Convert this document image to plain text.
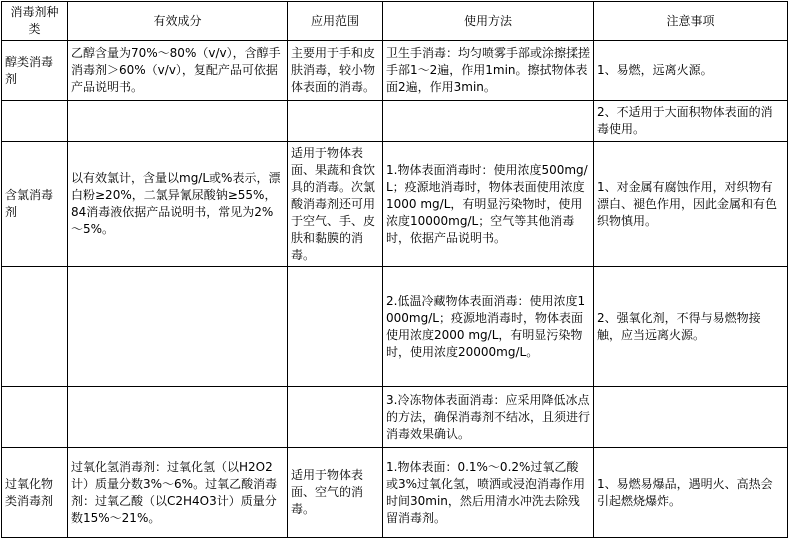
消毒剂种类	有效成分	应用范围	使用方法	注意事项
醇类消毒剂	乙醇含量为70%～80%（v/v），含醇手消毒剂＞60%（v/v），复配产品可依据产品说明书。	主要用于手和皮肤消毒，较小物体表面的消毒。	卫生手消毒：均匀喷雾手部或涂擦揉搓手部1～2遍，作用1min。擦拭物体表面2遍，作用3min。	1、易燃，远离火源。
				2、不适用于大面积物体表面的消毒使用。
含氯消毒剂	以有效氯计，含量以mg/L或%表示，漂白粉≥20%，二氯异氰尿酸钠≥55%，84消毒液依据产品说明书，常见为2%～5%。	适用于物体表面、果蔬和食饮具的消毒。次氯酸消毒剂还可用于空气、手、皮肤和黏膜的消毒。	1.物体表面消毒时：使用浓度500mg/L；疫源地消毒时，物体表面使用浓度1000 mg/L，有明显污染物时，使用浓度10000mg/L；空气等其他消毒时，依据产品说明书。	1、对金属有腐蚀作用，对织物有漂白、褪色作用，因此金属和有色织物慎用。
			2.低温冷藏物体表面消毒：使用浓度1000mg/L；疫源地消毒时，物体表面使用浓度2000 mg/L，有明显污染物时，使用浓度20000mg/L。	2、强氧化剂，不得与易燃物接触，应当远离火源。
			3.冷冻物体表面消毒：应采用降低冰点的方法，确保消毒剂不结冰，且须进行消毒效果确认。	
过氧化物类消毒剂	过氧化氢消毒剂：过氧化氢（以H2O2计）质量分数3%～6%。过氧乙酸消毒剂：过氧乙酸（以C2H4O3计）质量分数15%～21%。	适用于物体表面、空气的消毒。	1.物体表面：0.1%～0.2%过氧乙酸或3%过氧化氢，喷洒或浸泡消毒作用时间30min，然后用清水冲洗去除残留消毒剂。	1、易燃易爆品，遇明火、高热会引起燃烧爆炸。
